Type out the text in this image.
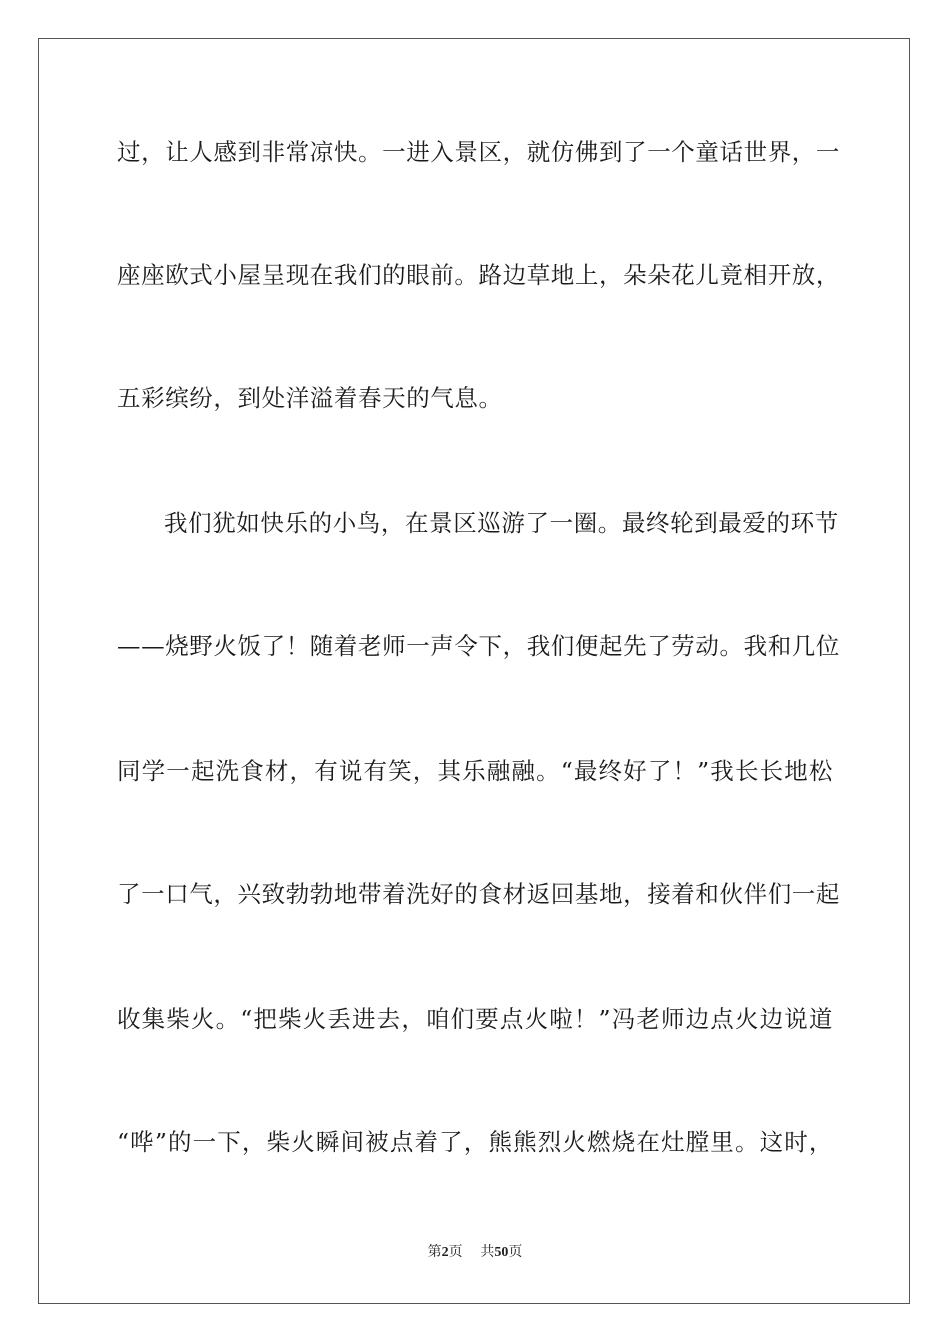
过，让人感到非常凉快。一进入景区，就仿佛到了一个童话世界，一
座座欧式小屋呈现在我们的眼前。路边草地上，朵朵花儿竟相开放，
五彩缤纷，到处洋溢着春天的气息。
我们犹如快乐的小鸟，在景区巡游了一圈。最终轮到最爱的环节
——烧野火饭了！随着老师一声令下，我们便起先了劳动。我和几位
同学一起洗食材，有说有笑，其乐融融。“最终好了！”我长长地松
了一口气，兴致勃勃地带着洗好的食材返回基地，接着和伙伴们一起
收集柴火。“把柴火丢进去，咱们要点火啦！”冯老师边点火边说道
“哗”的一下，柴火瞬间被点着了，熊熊烈火燃烧在灶膛里。这时，
第2页 共50页
